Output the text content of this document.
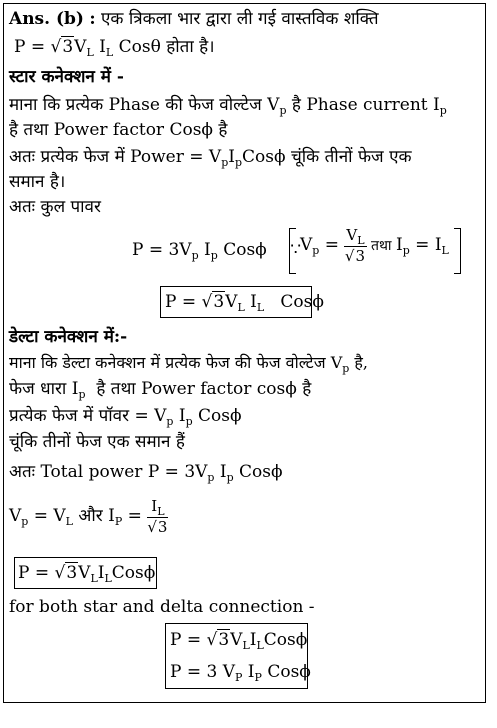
Ans. (b) : एक त्रिकला भार द्वारा ली गई वास्तविक शक्ति
$P = √3V_L$ $I_L$ Cosθ होता है।
स्टार कनेक्शन में -
माना कि प्रत्येक Phase की फेज वोल्टेज $V_p$ है Phase current $I_p$
है तथा Power factor Cosϕ है
अतः प्रत्येक फेज में Power = $V_pI_pCos\phi$ चूंकि तीनों फेज एक
समान है।
अतः कुल पावर
$P = 3V_p$ $I_p$ Cosϕ ∵
$V_p = \frac{V_L}{√3}$ तथा $I_p = I_L$
$P = √3V_L$ $I_L$   Cosϕ
डेल्टा कनेक्शन में:-
माना कि डेल्टा कनेक्शन में प्रत्येक फेज की फेज वोल्टेज $V_p$ है,
फेज धारा $I_p$  है तथा Power factor cosϕ है
प्रत्येक फेज में पॉवर = $V_p$ $I_p$ Cosϕ
चूंकि तीनों फेज एक समान हैं
अतः Total power $P = 3V_p$ $I_p$ Cosϕ
$V_p = V_L$ और $I_P = \frac{I_L}{√3}$
$P = √3V_LI_LCos\phi$
for both star and delta connection -
$P = √3V_LI_LCos\phi$
P = 3 $V_P$ $I_P$ Cosϕ
